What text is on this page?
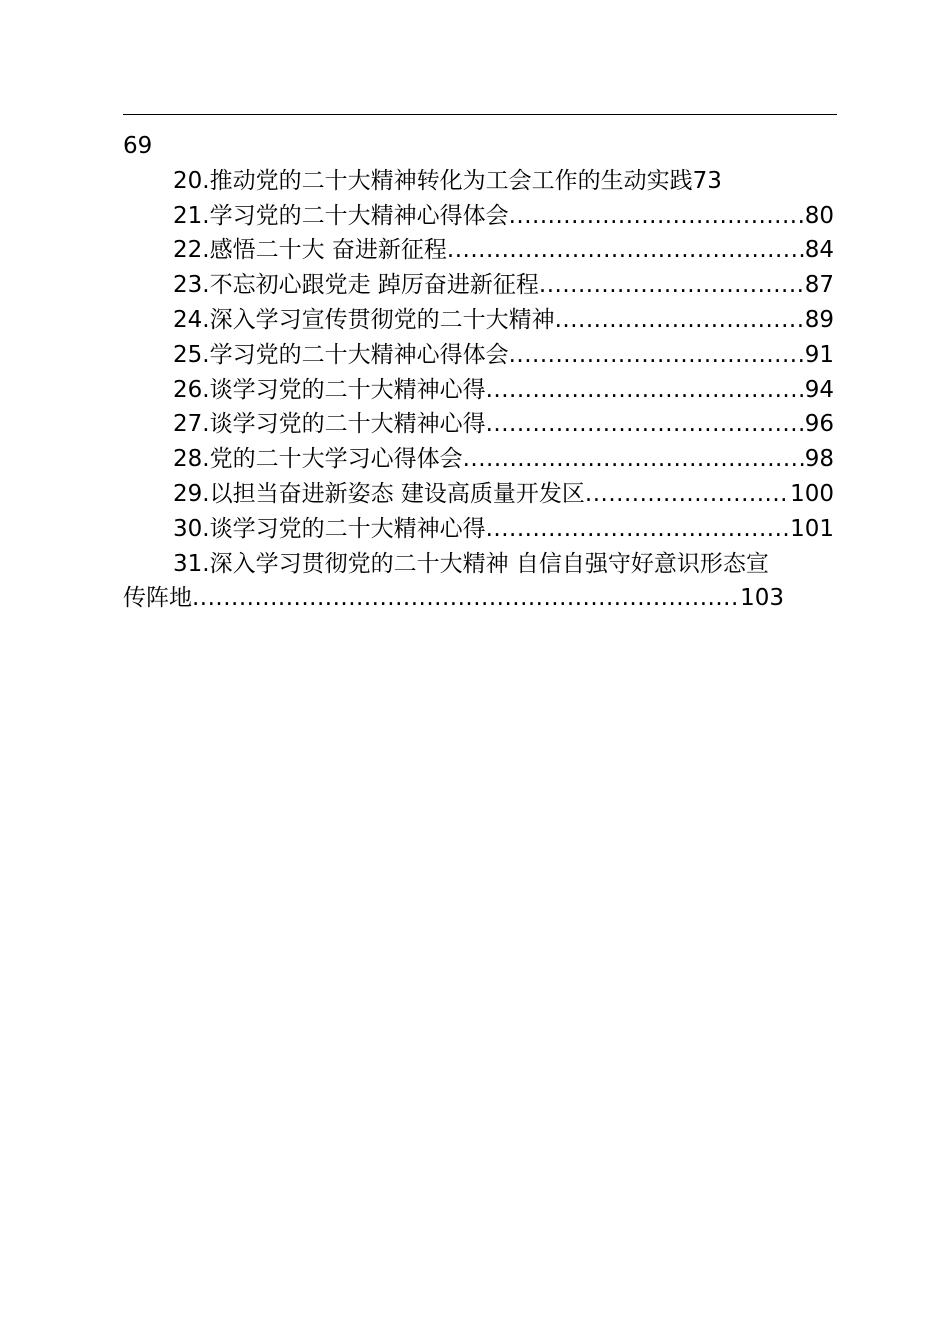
69
20.推动党的二十大精神转化为工会工作的生动实践 73
21.学习党的二十大精神心得体会 .....	80
22.感悟二十大 奋进新征程 .....	84
23.不忘初心跟党走 踔厉奋进新征程 .....	87
24.深入学习宣传贯彻党的二十大精神 .....	89
25.学习党的二十大精神心得体会 .....	91
26.谈学习党的二十大精神心得 .....	94
27.谈学习党的二十大精神心得 .....	96
28.党的二十大学习心得体会 .....	98
29.以担当奋进新姿态 建设高质量开发区 .....	100
30.谈学习党的二十大精神心得 .....	101
31.深入学习贯彻党的二十大精神 自信自强守好意识形态宣
传阵地 .....	103
